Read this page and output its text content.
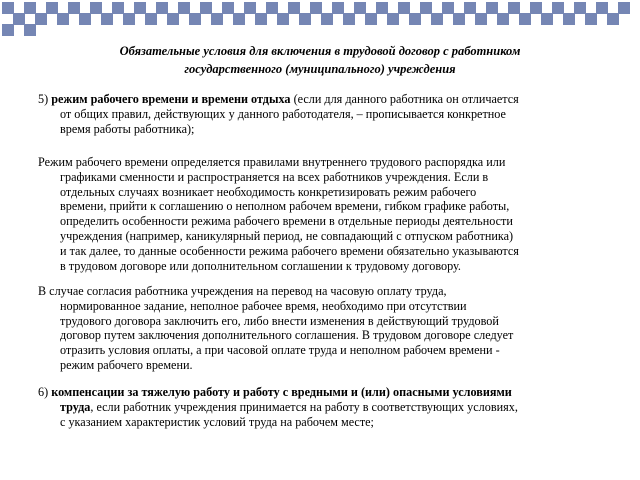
Обязательные условия для включения в трудовой договор с работником
государственного (муниципального) учреждения
5) режим рабочего времени и времени отдыха (если для данного работника он отличается
от общих правил, действующих у данного работодателя, – прописывается конкретное
время работы работника);
Режим рабочего времени определяется правилами внутреннего трудового распорядка или
графиками сменности и распространяется на всех работников учреждения. Если в
отдельных случаях возникает необходимость конкретизировать режим рабочего
времени, прийти к соглашению о неполном рабочем времени, гибком графике работы,
определить особенности режима рабочего времени в отдельные периоды деятельности
учреждения (например, каникулярный период, не совпадающий с отпуском работника)
и так далее, то данные особенности режима рабочего времени обязательно указываются
в трудовом договоре или дополнительном соглашении к трудовому договору.
В случае согласия работника учреждения на перевод на часовую оплату труда,
нормированное задание, неполное рабочее время, необходимо при отсутствии
трудового договора заключить его, либо внести изменения в действующий трудовой
договор путем заключения дополнительного соглашения. В трудовом договоре следует
отразить условия оплаты, а при часовой оплате труда и неполном рабочем времени -
режим рабочего времени.
6) компенсации за тяжелую работу и работу с вредными и (или) опасными условиями
труда, если работник учреждения принимается на работу в соответствующих условиях,
с указанием характеристик условий труда на рабочем месте;
